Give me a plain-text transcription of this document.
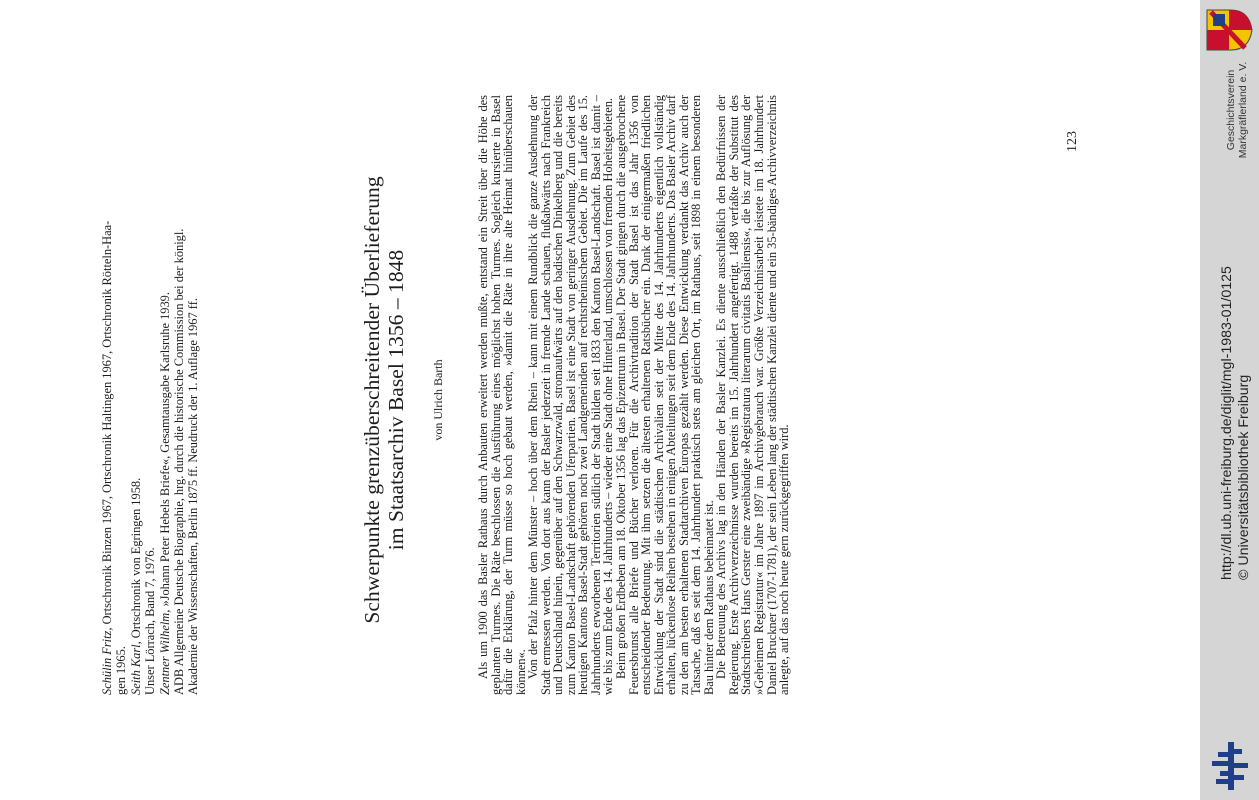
Schülin Fritz, Ortschronik Binzen 1967, Ortschronik Haltingen 1967, Ortschronik Rötteln-Haa-
gen 1965. Seith Karl, Ortschronik von Egringen 1958. Unser Lörrach, Band 7, 1976. Zentner Wilhelm, »Johann Peter Hebels Briefe«, Gesamtausgabe Karlsruhe 1939. ADB Allgemeine Deutsche Biographie, hrg. durch die historische Commission bei der königl. Akademie der Wissenschaften, Berlin 1875 ff. Neudruck der 1. Auflage 1967 ff.	Schwerpunkte grenzüberschreitender Überlieferung im Staatsarchiv Basel 1356 – 1848 von Ulrich Barth	Als um 1900 das Basler Rathaus durch Anbauten erweitert werden mußte, entstand ein Streit über die Höhe des geplanten Turmes. Die Räte beschlossen die Ausführung eines möglichst hohen Turmes. Sogleich kursierte in Basel dafür die Erklärung, der Turm müsse so hoch gebaut werden, »damit die Räte in ihre alte Heimat hinüberschauen können«.

Von der Pfalz hinter dem Münster – hoch über dem Rhein – kann mit einem Rundblick die ganze Ausdehnung der Stadt ermessen werden. Von dort aus kann der Basler jederzeit in fremde Lande schauen, flußabwärts nach Frankreich und Deutschland hinein, gegenüber auf den Schwarzwald, stromaufwärts auf den badischen Dinkelberg und die bereits zum Kanton Basel-Landschaft gehörenden Uferpartien. Basel ist eine Stadt von geringer Ausdehnung. Zum Gebiet des heutigen Kantons Basel-Stadt gehören noch zwei Landgemeinden auf rechtsrheinischem Gebiet. Die im Laufe des 15. Jahrhunderts erworbenen Territorien südlich der Stadt bilden seit 1833 den Kanton Basel-Landschaft. Basel ist damit – wie bis zum Ende des 14. Jahrhunderts – wieder eine Stadt ohne Hinterland, umschlossen von fremden Hoheitsgebieten.

Beim großen Erdbeben am 18. Oktober 1356 lag das Epizentrum in Basel. Der Stadt gingen durch die ausgebrochene Feuersbrunst alle Briefe und Bücher verloren. Für die Archivtradition der Stadt Basel ist das Jahr 1356 von entscheidender Bedeutung. Mit ihm setzen die ältesten erhaltenen Ratsbücher ein. Dank der einigermaßen friedlichen Entwicklung der Stadt sind die städtischen Archivalien seit der Mitte des 14. Jahrhunderts eigentlich vollständig erhalten, lückenlose Reihen bestehen in einigen Abteilungen seit dem Ende des 14. Jahrhunderts. Das Basler Archiv darf zu den am besten erhaltenen Stadtarchiven Europas gezählt werden. Diese Entwicklung verdankt das Archiv auch der Tatsache, daß es seit dem 14. Jahrhundert praktisch stets am gleichen Ort, im Rathaus, seit 1898 in einem besonderen Bau hinter dem Rathaus beheimatet ist.

Die Betreuung des Archivs lag in den Händen der Basler Kanzlei. Es diente ausschließlich den Bedürfnissen der Regierung. Erste Archivverzeichnisse wurden bereits im 15. Jahrhundert angefertigt. 1488 verfaßte der Substitut des Stadtschreibers Hans Gerster eine zweibändige »Registratura literarum civitatis Basiliensis«, die bis zur Auflösung der »Geheimen Registratur« im Jahre 1897 im Archivgebrauch war. Größte Verzeichnisarbeit leistete im 18. Jahrhundert Daniel Bruckner (1707-1781), der sein Leben lang der städtischen Kanzlei diente und ein 35-bändiges Archivverzeichnis anlegte, auf das noch heute gern zurückgegriffen wird.

123
http://dl.ub.uni-freiburg.de/diglit/mgl-1983-01/0125 © Universitätsbibliothek Freiburg
Geschichtsverein Markgräflerland e. V.
